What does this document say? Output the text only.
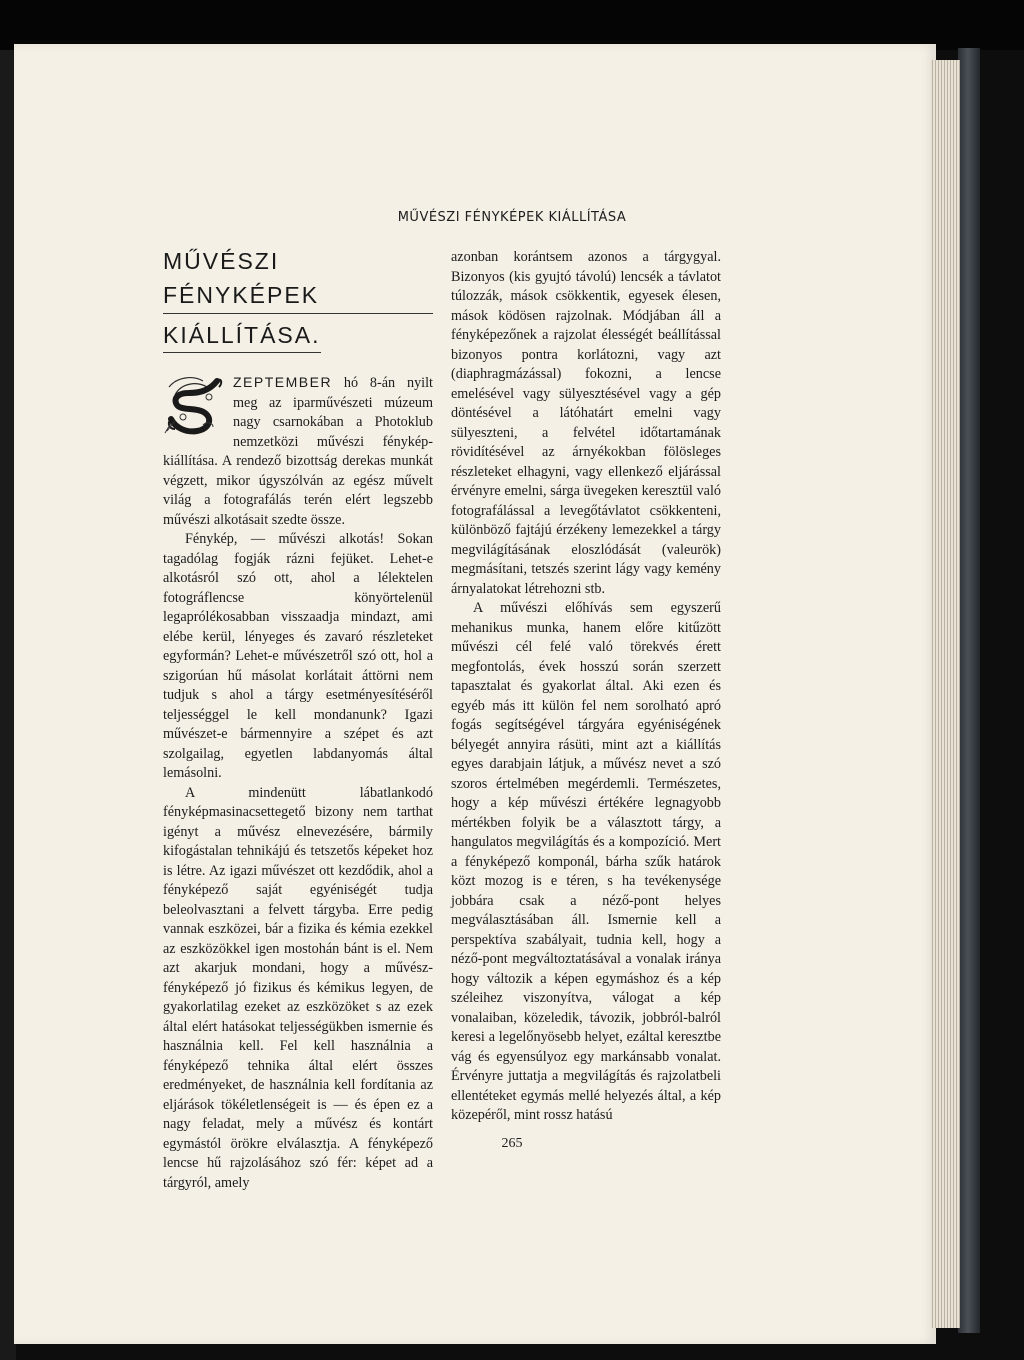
MŰVÉSZI FÉNYKÉPEK KIÁLLÍTÁSA
MŰVÉSZI FÉNYKÉPEK
KIÁLLÍTÁSA.

ZEPTEMBER hó 8-án nyilt meg az iparművészeti múzeum nagy csarnokában a Photoklub nemzetközi művészi fénykép-kiállítása. A rendező bizottság derekas munkát végzett, mikor úgyszólván az egész művelt világ a fotografálás terén elért legszebb művészi alkotásait szedte össze.

Fénykép, — művészi alkotás! Sokan tagadólag fogják rázni fejüket. Lehet-e alkotásról szó ott, ahol a lélektelen fotográflencse könyörtelenül legaprólékosabban visszaadja mindazt, ami elébe kerül, lényeges és zavaró részleteket egyformán? Lehet-e művészetről szó ott, hol a szigorúan hű másolat korlátait áttörni nem tudjuk s ahol a tárgy esetményesítéséről teljességgel le kell mondanunk? Igazi művészet-e bármennyire a szépet és azt szolgailag, egyetlen labdanyomás által lemásolni.

A mindenütt lábatlankodó fényképmasinacsettegető bizony nem tarthat igényt a művész elnevezésére, bármily kifogástalan tehnikájú és tetszetős képeket hoz is létre. Az igazi művészet ott kezdődik, ahol a fényképező saját egyéniségét tudja beleolvasztani a felvett tárgyba. Erre pedig vannak eszközei, bár a fizika és kémia ezekkel az eszközökkel igen mostohán bánt is el. Nem azt akarjuk mondani, hogy a művész-fényképező jó fizikus és kémikus legyen, de gyakorlatilag ezeket az eszközöket s az ezek által elért hatásokat teljességükben ismernie és használnia kell. Fel kell használnia a fényképező tehnika által elért összes eredményeket, de használnia kell fordítania az eljárások tökéletlenségeit is — és épen ez a nagy feladat, mely a művész és kontárt egymástól örökre elválasztja. A fényképező lencse hű rajzolásához szó fér: képet ad a tárgyról, amely

azonban korántsem azonos a tárgygyal. Bizonyos (kis gyujtó távolú) lencsék a távlatot túlozzák, mások csökkentik, egyesek élesen, mások ködösen rajzolnak. Módjában áll a fényképezőnek a rajzolat élességét beállítással bizonyos pontra korlátozni, vagy azt (diaphragmázással) fokozni, a lencse emelésével vagy sülyesztésével vagy a gép döntésével a látóhatárt emelni vagy sülyeszteni, a felvétel időtartamának rövidítésével az árnyékokban fölösleges részleteket elhagyni, vagy ellenkező eljárással érvényre emelni, sárga üvegeken keresztül való fotografálással a levegőtávlatot csökkenteni, különböző fajtájú érzékeny lemezekkel a tárgy megvilágításának eloszlódását (valeurök) megmásítani, tetszés szerint lágy vagy kemény árnyalatokat létrehozni stb.

A művészi előhívás sem egyszerű mehanikus munka, hanem előre kitűzött művészi cél felé való törekvés érett megfontolás, évek hosszú során szerzett tapasztalat és gyakorlat által. Aki ezen és egyéb más itt külön fel nem sorolható apró fogás segítségével tárgyára egyéniségének bélyegét annyira rásüti, mint azt a kiállítás egyes darabjain látjuk, a művész nevet a szó szoros értelmében megérdemli. Természetes, hogy a kép művészi értékére legnagyobb mértékben folyik be a választott tárgy, a hangulatos megvilágítás és a kompozíció. Mert a fényképező komponál, bárha szűk határok közt mozog is e téren, s ha tevékenysége jobbára csak a néző-pont helyes megválasztásában áll. Ismernie kell a perspektíva szabályait, tudnia kell, hogy a néző-pont megváltoztatásával a vonalak iránya hogy változik a képen egymáshoz és a kép széleihez viszonyítva, válogat a kép vonalaiban, közeledik, távozik, jobbról-balról keresi a legelőnyösebb helyet, ezáltal keresztbe vág és egyensúlyoz egy markánsabb vonalat. Érvényre juttatja a megvilágítás és rajzolatbeli ellentéteket egymás mellé helyezés által, a kép közepéről, mint rossz hatású

265
